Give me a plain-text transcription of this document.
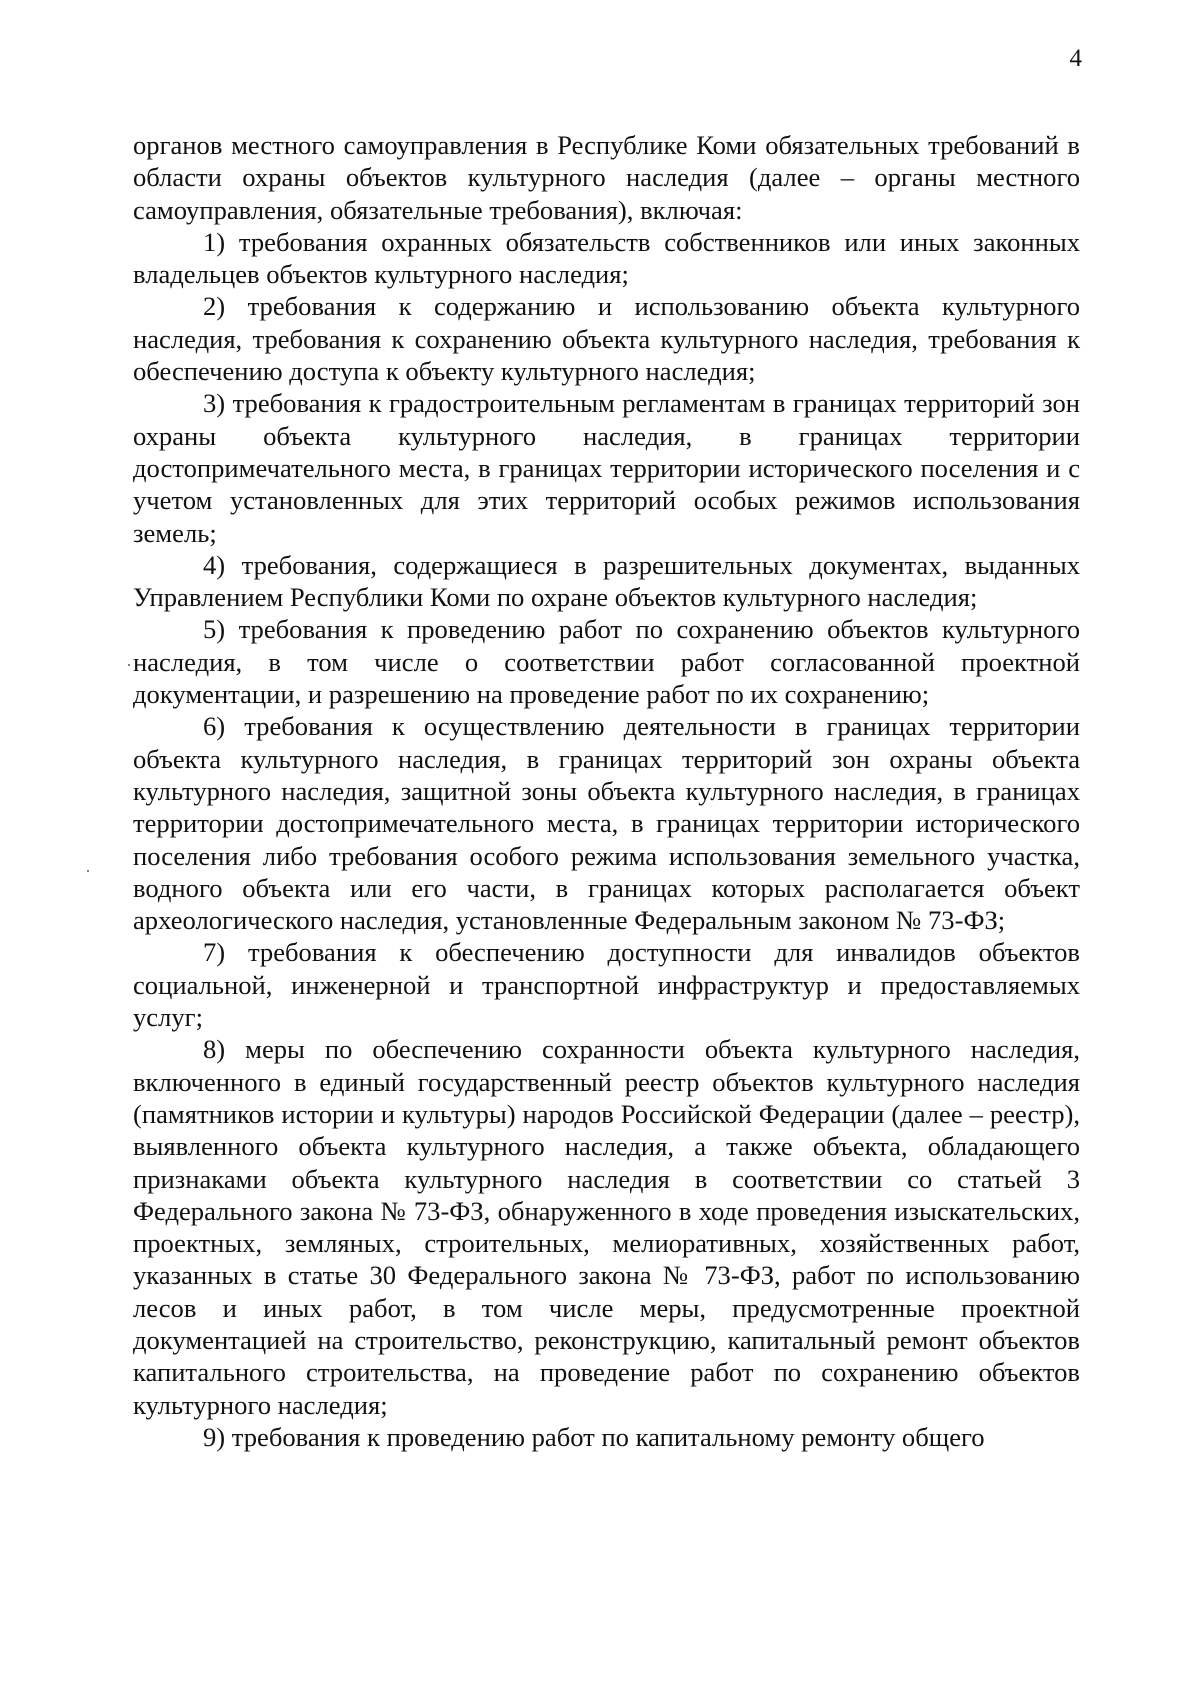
4

органов местного самоуправления в Республике Коми обязательных требований в области охраны объектов культурного наследия (далее – органы местного самоуправления, обязательные требования), включая:

1) требования охранных обязательств собственников или иных законных владельцев объектов культурного наследия;

2) требования к содержанию и использованию объекта культурного наследия, требования к сохранению объекта культурного наследия, требования к обеспечению доступа к объекту культурного наследия;

3) требования к градостроительным регламентам в границах территорий зон охраны объекта культурного наследия, в границах территории достопримечательного места, в границах территории исторического поселения и с учетом установленных для этих территорий особых режимов использования земель;

4) требования, содержащиеся в разрешительных документах, выданных Управлением Республики Коми по охране объектов культурного наследия;

5) требования к проведению работ по сохранению объектов культурного наследия, в том числе о соответствии работ согласованной проектной документации, и разрешению на проведение работ по их сохранению;

6) требования к осуществлению деятельности в границах территории объекта культурного наследия, в границах территорий зон охраны объекта культурного наследия, защитной зоны объекта культурного наследия, в границах территории достопримечательного места, в границах территории исторического поселения либо требования особого режима использования земельного участка, водного объекта или его части, в границах которых располагается объект археологического наследия, установленные Федеральным законом № 73-ФЗ;

7) требования к обеспечению доступности для инвалидов объектов социальной, инженерной и транспортной инфраструктур и предоставляемых услуг;

8) меры по обеспечению сохранности объекта культурного наследия, включенного в единый государственный реестр объектов культурного наследия (памятников истории и культуры) народов Российской Федерации (далее – реестр), выявленного объекта культурного наследия, а также объекта, обладающего признаками объекта культурного наследия в соответствии со статьей 3 Федерального закона № 73-ФЗ, обнаруженного в ходе проведения изыскательских, проектных, земляных, строительных, мелиоративных, хозяйственных работ, указанных в статье 30 Федерального закона № 73-ФЗ, работ по использованию лесов и иных работ, в том числе меры, предусмотренные проектной документацией на строительство, реконструкцию, капитальный ремонт объектов капитального строительства, на проведение работ по сохранению объектов культурного наследия;

9) требования к проведению работ по капитальному ремонту общего
